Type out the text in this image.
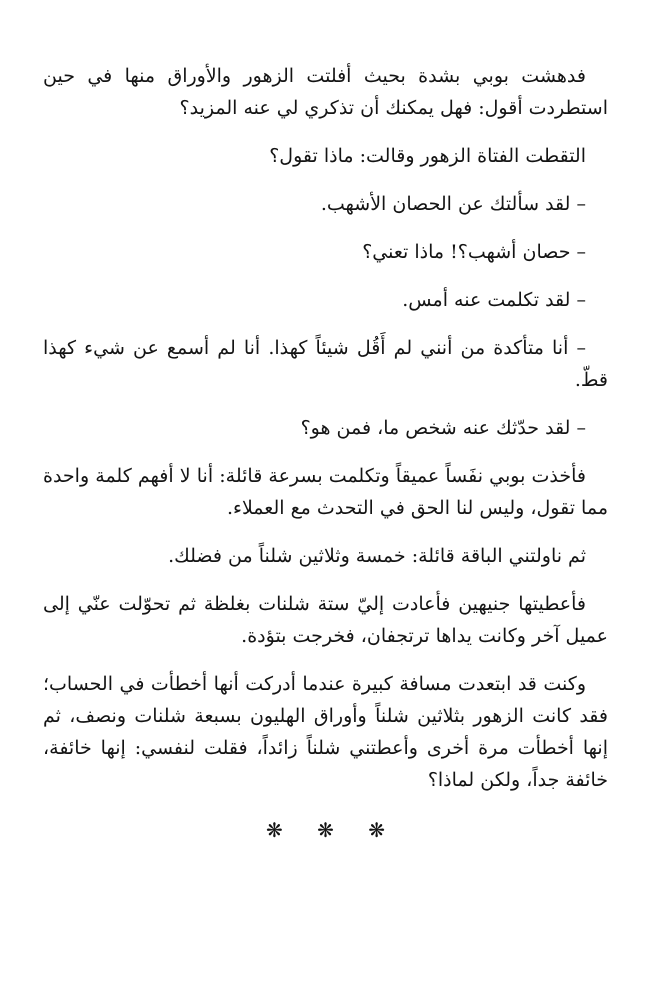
فدهشت بوبي بشدة بحيث أفلتت الزهور والأوراق منها في حين استطردت أقول: فهل يمكنك أن تذكري لي عنه المزيد؟

التقطت الفتاة الزهور وقالت: ماذا تقول؟

– لقد سألتك عن الحصان الأشهب.

– حصان أشهب؟! ماذا تعني؟

– لقد تكلمت عنه أمس.

– أنا متأكدة من أنني لم أَقُل شيئاً كهذا. أنا لم أسمع عن شيء كهذا قطّ.

– لقد حدّثك عنه شخص ما، فمن هو؟

فأخذت بوبي نفَساً عميقاً وتكلمت بسرعة قائلة: أنا لا أفهم كلمة واحدة مما تقول، وليس لنا الحق في التحدث مع العملاء.

ثم ناولتني الباقة قائلة: خمسة وثلاثين شلناً من فضلك.

فأعطيتها جنيهين فأعادت إليّ ستة شلنات بغلظة ثم تحوّلت عنّي إلى عميل آخر وكانت يداها ترتجفان، فخرجت بتؤدة.

وكنت قد ابتعدت مسافة كبيرة عندما أدركت أنها أخطأت في الحساب؛ فقد كانت الزهور بثلاثين شلناً وأوراق الهليون بسبعة شلنات ونصف، ثم إنها أخطأت مرة أخرى وأعطتني شلناً زائداً، فقلت لنفسي: إنها خائفة، خائفة جداً، ولكن لماذا؟

❋ ❋ ❋
